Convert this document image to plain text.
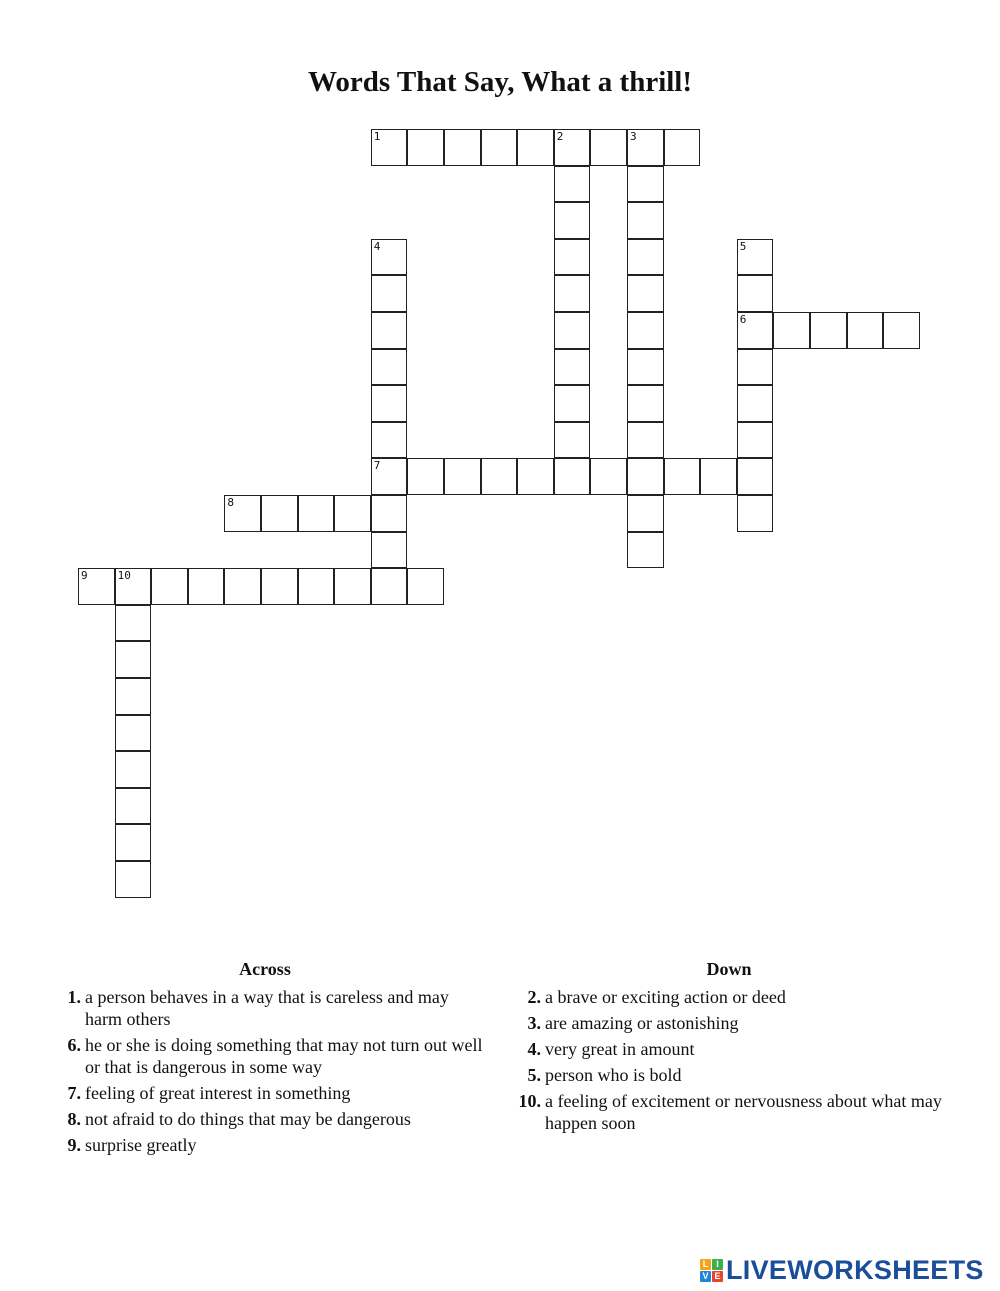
Words That Say, What a thrill!
1	2	3
4	5
6
7
8
9	10
Across
1. a person behaves in a way that is careless and may harm others
6. he or she is doing something that may not turn out well or that is dangerous in some way
7. feeling of great interest in something
8. not afraid to do things that may be dangerous
9. surprise greatly
Down
2. a brave or exciting action or deed
3. are amazing or astonishing
4. very great in amount
5. person who is bold
10. a feeling of excitement or nervousness about what may happen soon
L I
V E LIVEWORKSHEETS
